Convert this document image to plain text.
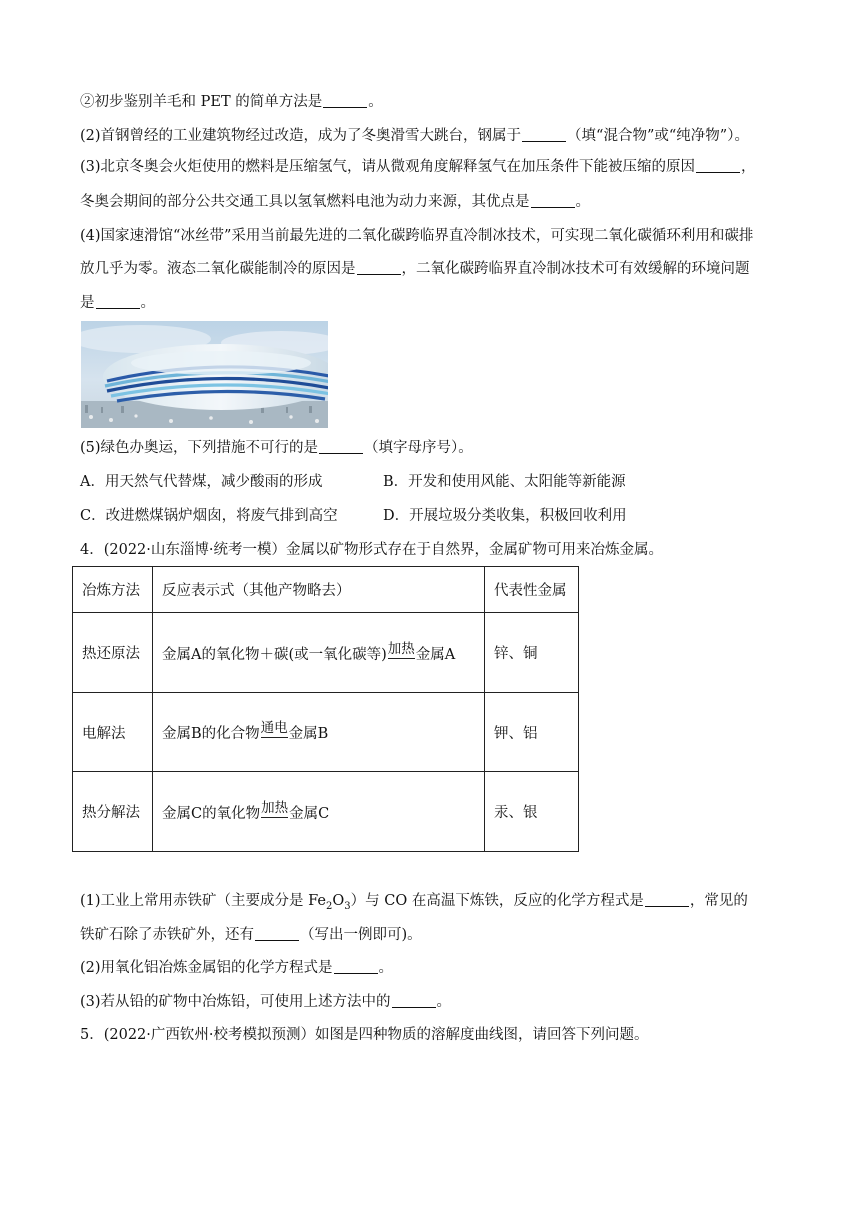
②初步鉴别羊毛和 PET 的简单方法是	。
(2)首钢曾经的工业建筑物经过改造，成为了冬奥滑雪大跳台，钢属于	（填“混合物”或“纯净物”）。
(3)北京冬奥会火炬使用的燃料是压缩氢气，请从微观角度解释氢气在加压条件下能被压缩的原因	，
冬奥会期间的部分公共交通工具以氢氧燃料电池为动力来源，其优点是	。
(4)国家速滑馆“冰丝带”采用当前最先进的二氧化碳跨临界直冷制冰技术，可实现二氧化碳循环利用和碳排
放几乎为零。液态二氧化碳能制冷的原因是	，二氧化碳跨临界直冷制冰技术可有效缓解的环境问题
是	。
(5)绿色办奥运，下列措施不可行的是	（填字母序号）。
A．用天然气代替煤，减少酸雨的形成	B．开发和使用风能、太阳能等新能源
C．改进燃煤锅炉烟囱，将废气排到高空	D．开展垃圾分类收集，积极回收利用
4．(2022·山东淄博·统考一模）金属以矿物形式存在于自然界，金属矿物可用来冶炼金属。
冶炼方法	反应表示式（其他产物略去）	代表性金属
热还原法	金属A的氧化物＋碳(或一氧化碳等) 加热 金属A	锌、铜
电解法	金属B的化合物 通电 金属B	钾、铝
热分解法	金属C的氧化物 加热 金属C	汞、银
(1)工业上常用赤铁矿（主要成分是 $Fe_2O_3$）与 CO 在高温下炼铁，反应的化学方程式是	，常见的
铁矿石除了赤铁矿外，还有	（写出一例即可)。
(2)用氧化铝冶炼金属铝的化学方程式是	。
(3)若从铅的矿物中冶炼铅，可使用上述方法中的	。
5．(2022·广西钦州·校考模拟预测）如图是四种物质的溶解度曲线图，请回答下列问题。
